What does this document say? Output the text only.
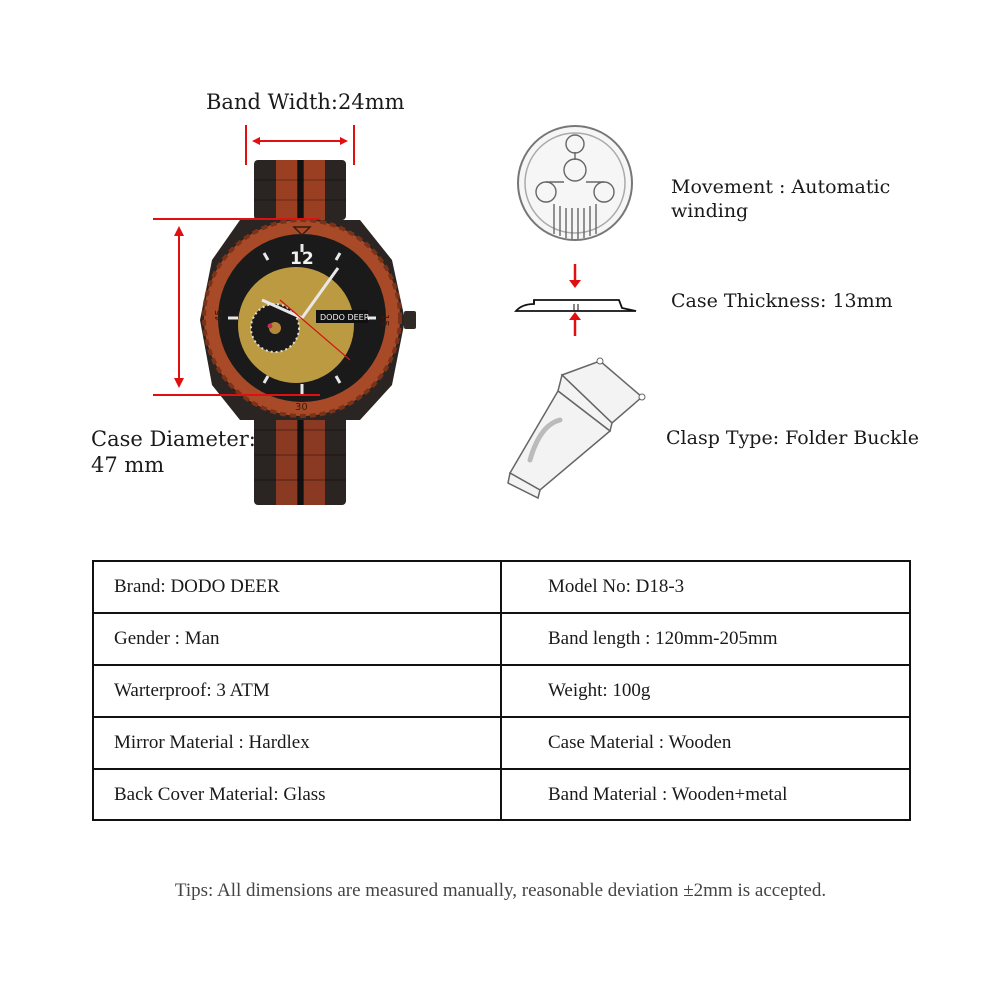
Band Width:24mm
12
DODO DEER
45	15
30
Case Diameter:
47 mm
Movement : Automatic
winding
Case Thickness: 13mm
Clasp Type: Folder Buckle
Brand: DODO DEER	Model No: D18-3
Gender : Man	Band length : 120mm-205mm
Warterproof: 3 ATM	Weight: 100g
Mirror Material : Hardlex	Case Material : Wooden
Back Cover Material: Glass	Band Material : Wooden+metal
Tips: All dimensions are measured manually, reasonable deviation ±2mm is accepted.
